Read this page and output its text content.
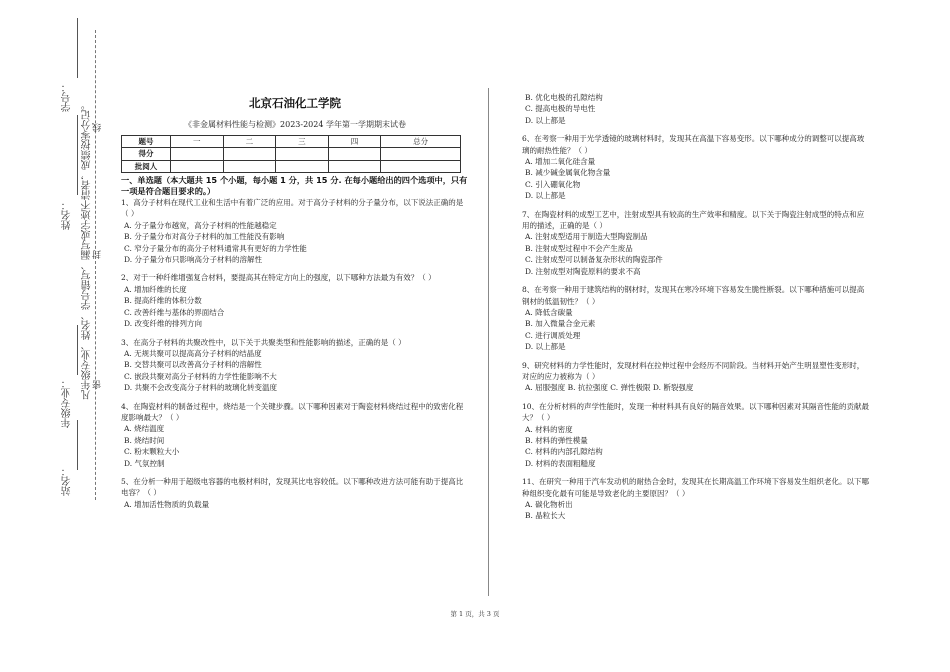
学号：
姓名： 凡年级专业、姓名、学号错写、漏写或字迹不清者，成绩按零分记。 线
封
密
年级专业：
站名：
北京石油化工学院
《非金属材料性能与检测》2023-2024 学年第一学期期末试卷
题号	一	二	三	四	总分
得分					
批阅人					
一、单选题（本大题共 15 个小题，每小题 1 分，共 15 分. 在每小题给出的四个选项中，只有一项是符合题目要求的。）
1、高分子材料在现代工业和生活中有着广泛的应用。对于高分子材料的分子量分布，以下说法正确的是（ ）
A. 分子量分布越宽，高分子材料的性能越稳定
B. 分子量分布对高分子材料的加工性能没有影响
C. 窄分子量分布的高分子材料通常具有更好的力学性能
D. 分子量分布只影响高分子材料的溶解性
2、对于一种纤维增强复合材料，要提高其在特定方向上的强度，以下哪种方法最为有效？（ ）
A. 增加纤维的长度
B. 提高纤维的体积分数
C. 改善纤维与基体的界面结合
D. 改变纤维的排列方向
3、在高分子材料的共聚改性中，以下关于共聚类型和性能影响的描述，正确的是（ ）
A. 无规共聚可以提高高分子材料的结晶度
B. 交替共聚可以改善高分子材料的溶解性
C. 嵌段共聚对高分子材料的力学性能影响不大
D. 共聚不会改变高分子材料的玻璃化转变温度
4、在陶瓷材料的制备过程中，烧结是一个关键步骤。以下哪种因素对于陶瓷材料烧结过程中的致密化程度影响最大？（ ）
A. 烧结温度
B. 烧结时间
C. 粉末颗粒大小
D. 气氛控制
5、在分析一种用于超级电容器的电极材料时，发现其比电容较低。以下哪种改进方法可能有助于提高比电容？（ ）
A. 增加活性物质的负载量
B. 优化电极的孔隙结构
C. 提高电极的导电性
D. 以上都是
6、在考察一种用于光学透镜的玻璃材料时，发现其在高温下容易变形。以下哪种成分的调整可以提高玻璃的耐热性能？（ ）
A. 增加二氧化硅含量
B. 减少碱金属氧化物含量
C. 引入硼氧化物
D. 以上都是
7、在陶瓷材料的成型工艺中，注射成型具有较高的生产效率和精度。以下关于陶瓷注射成型的特点和应用的描述，正确的是（ ）
A. 注射成型适用于制造大型陶瓷制品
B. 注射成型过程中不会产生废品
C. 注射成型可以制备复杂形状的陶瓷部件
D. 注射成型对陶瓷原料的要求不高
8、在考察一种用于建筑结构的钢材时，发现其在寒冷环境下容易发生脆性断裂。以下哪种措施可以提高钢材的低温韧性？（ ）
A. 降低含碳量
B. 加入微量合金元素
C. 进行调质处理
D. 以上都是
9、研究材料的力学性能时，发现材料在拉伸过程中会经历不同阶段。当材料开始产生明显塑性变形时，对应的应力被称为（ ）
A. 屈服强度 B. 抗拉强度 C. 弹性极限 D. 断裂强度
10、在分析材料的声学性能时，发现一种材料具有良好的隔音效果。以下哪种因素对其隔音性能的贡献最大？（ ）
A. 材料的密度
B. 材料的弹性模量
C. 材料的内部孔隙结构
D. 材料的表面粗糙度
11、在研究一种用于汽车发动机的耐热合金时，发现其在长期高温工作环境下容易发生组织老化。以下哪种组织变化最有可能是导致老化的主要原因？（ ）
A. 碳化物析出
B. 晶粒长大
第 1 页，共 3 页
